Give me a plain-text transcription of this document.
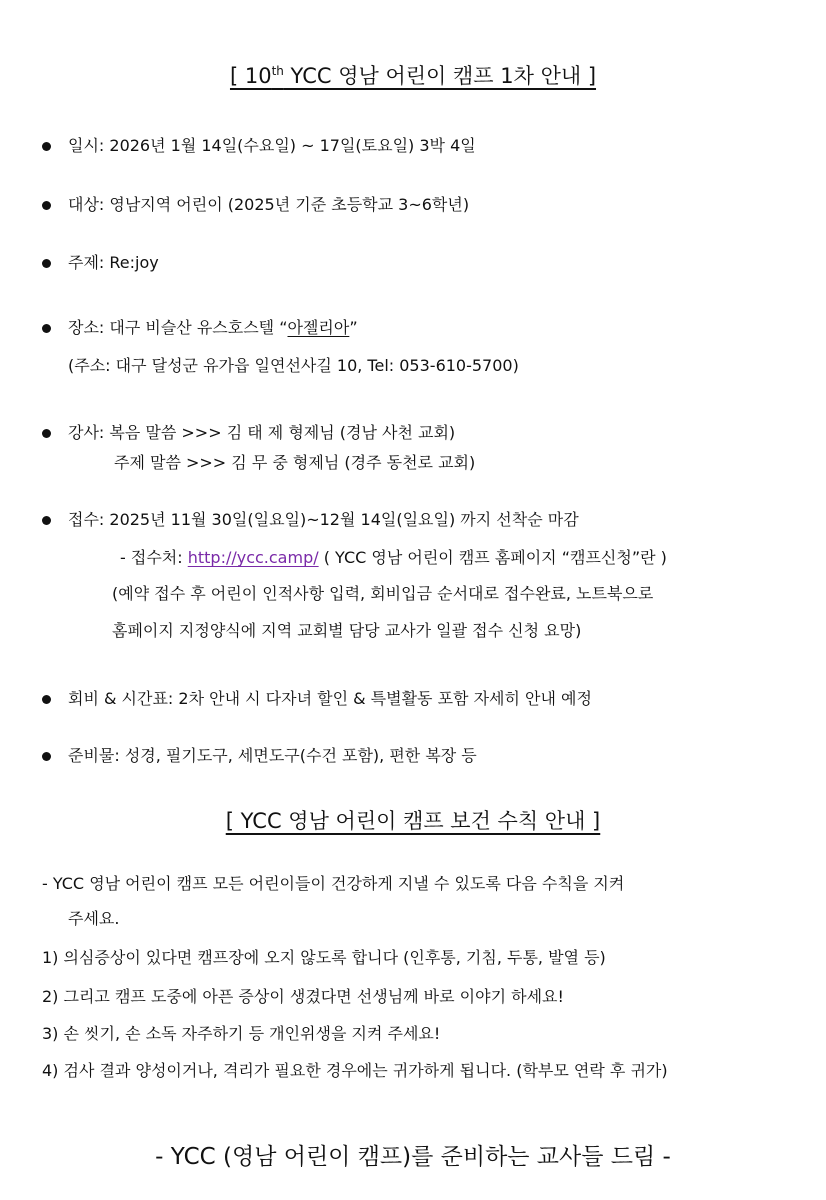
[ 10th YCC 영남 어린이 캠프 1차 안내 ]
일시: 2026년 1월 14일(수요일) ~ 17일(토요일) 3박 4일
대상: 영남지역 어린이 (2025년 기준 초등학교 3~6학년)
주제: Re:joy
장소: 대구 비슬산 유스호스텔 “아젤리아”
(주소: 대구 달성군 유가읍 일연선사길 10, Tel: 053-610-5700)
강사: 복음 말씀 >>> 김 태 제 형제님 (경남 사천 교회)
주제 말씀 >>> 김 무 중 형제님 (경주 동천로 교회)
접수: 2025년 11월 30일(일요일)~12월 14일(일요일) 까지 선착순 마감
- 접수처: http://ycc.camp/ ( YCC 영남 어린이 캠프 홈페이지 “캠프신청”란 )
(예약 접수 후 어린이 인적사항 입력, 회비입금 순서대로 접수완료, 노트북으로
홈페이지 지정양식에 지역 교회별 담당 교사가 일괄 접수 신청 요망)
회비 & 시간표: 2차 안내 시 다자녀 할인 & 특별활동 포함 자세히 안내 예정
준비물: 성경, 필기도구, 세면도구(수건 포함), 편한 복장 등
[ YCC 영남 어린이 캠프 보건 수칙 안내 ]
- YCC 영남 어린이 캠프 모든 어린이들이 건강하게 지낼 수 있도록 다음 수칙을 지켜
주세요.
1) 의심증상이 있다면 캠프장에 오지 않도록 합니다 (인후통, 기침, 두통, 발열 등)
2) 그리고 캠프 도중에 아픈 증상이 생겼다면 선생님께 바로 이야기 하세요!
3) 손 씻기, 손 소독 자주하기 등 개인위생을 지켜 주세요!
4) 검사 결과 양성이거나, 격리가 필요한 경우에는 귀가하게 됩니다. (학부모 연락 후 귀가)
- YCC (영남 어린이 캠프)를 준비하는 교사들 드림 -
